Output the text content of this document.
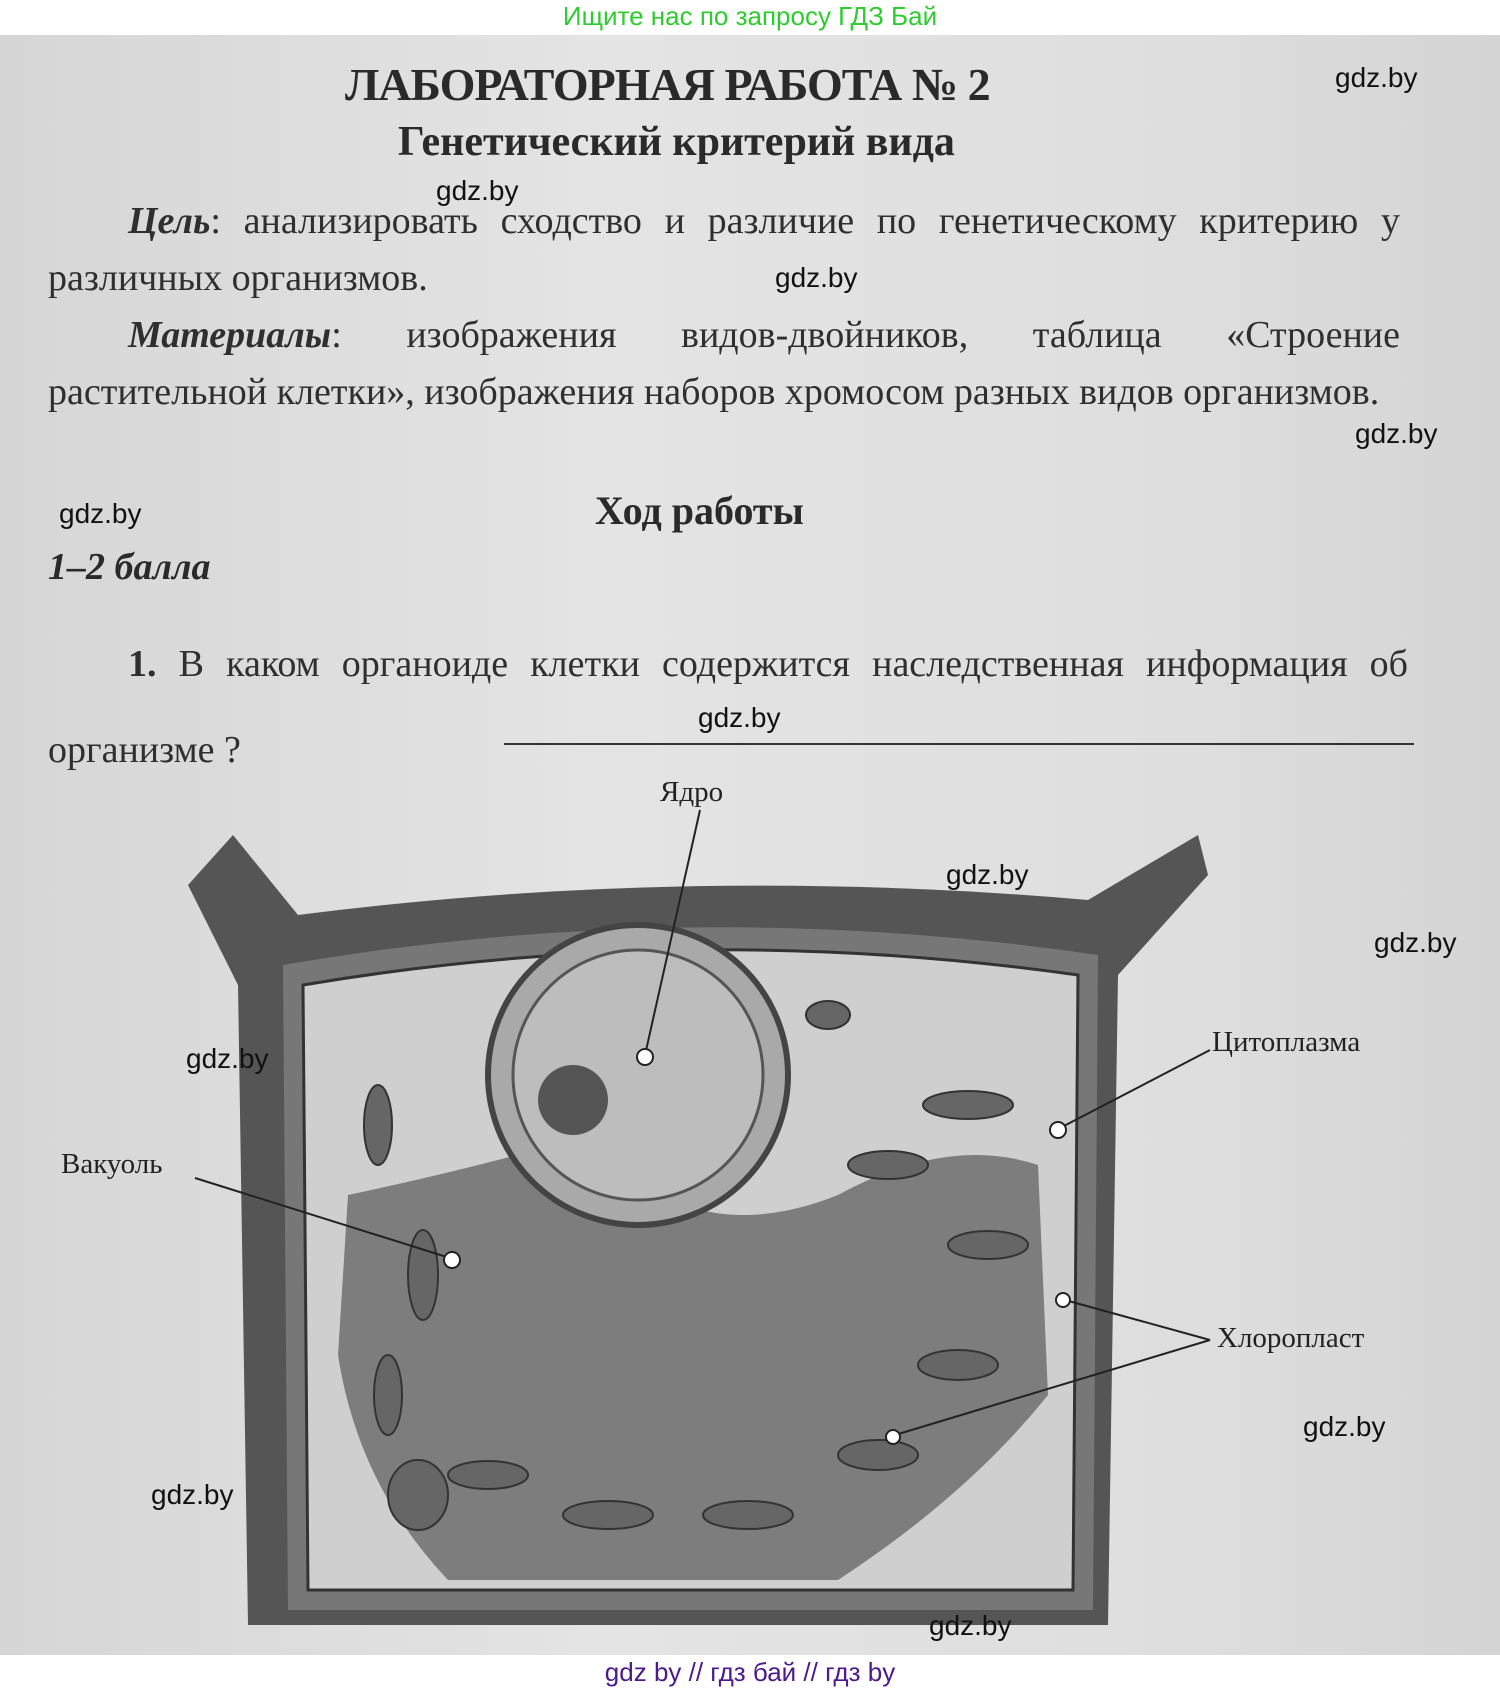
Ищите нас по запросу ГДЗ Бай
ЛАБОРАТОРНАЯ РАБОТА № 2
Генетический критерий вида
Цель: анализировать сходство и различие по генетическому критерию у различных организмов.
Материалы: изображения видов-двойников, таблица «Строение растительной клетки», изображения наборов хромосом разных видов организмов.
Ход работы
1–2 балла
1. В каком органоиде клетки содержится наследственная информация об организме ?
Ядро
Цитоплазма
Вакуоль
Хлоропласт
gdz.by
gdz.by
gdz.by
gdz.by
gdz.by
gdz.by
gdz.by
gdz.by
gdz.by
gdz.by
gdz.by
gdz.by
gdz by // гдз бай // гдз by
